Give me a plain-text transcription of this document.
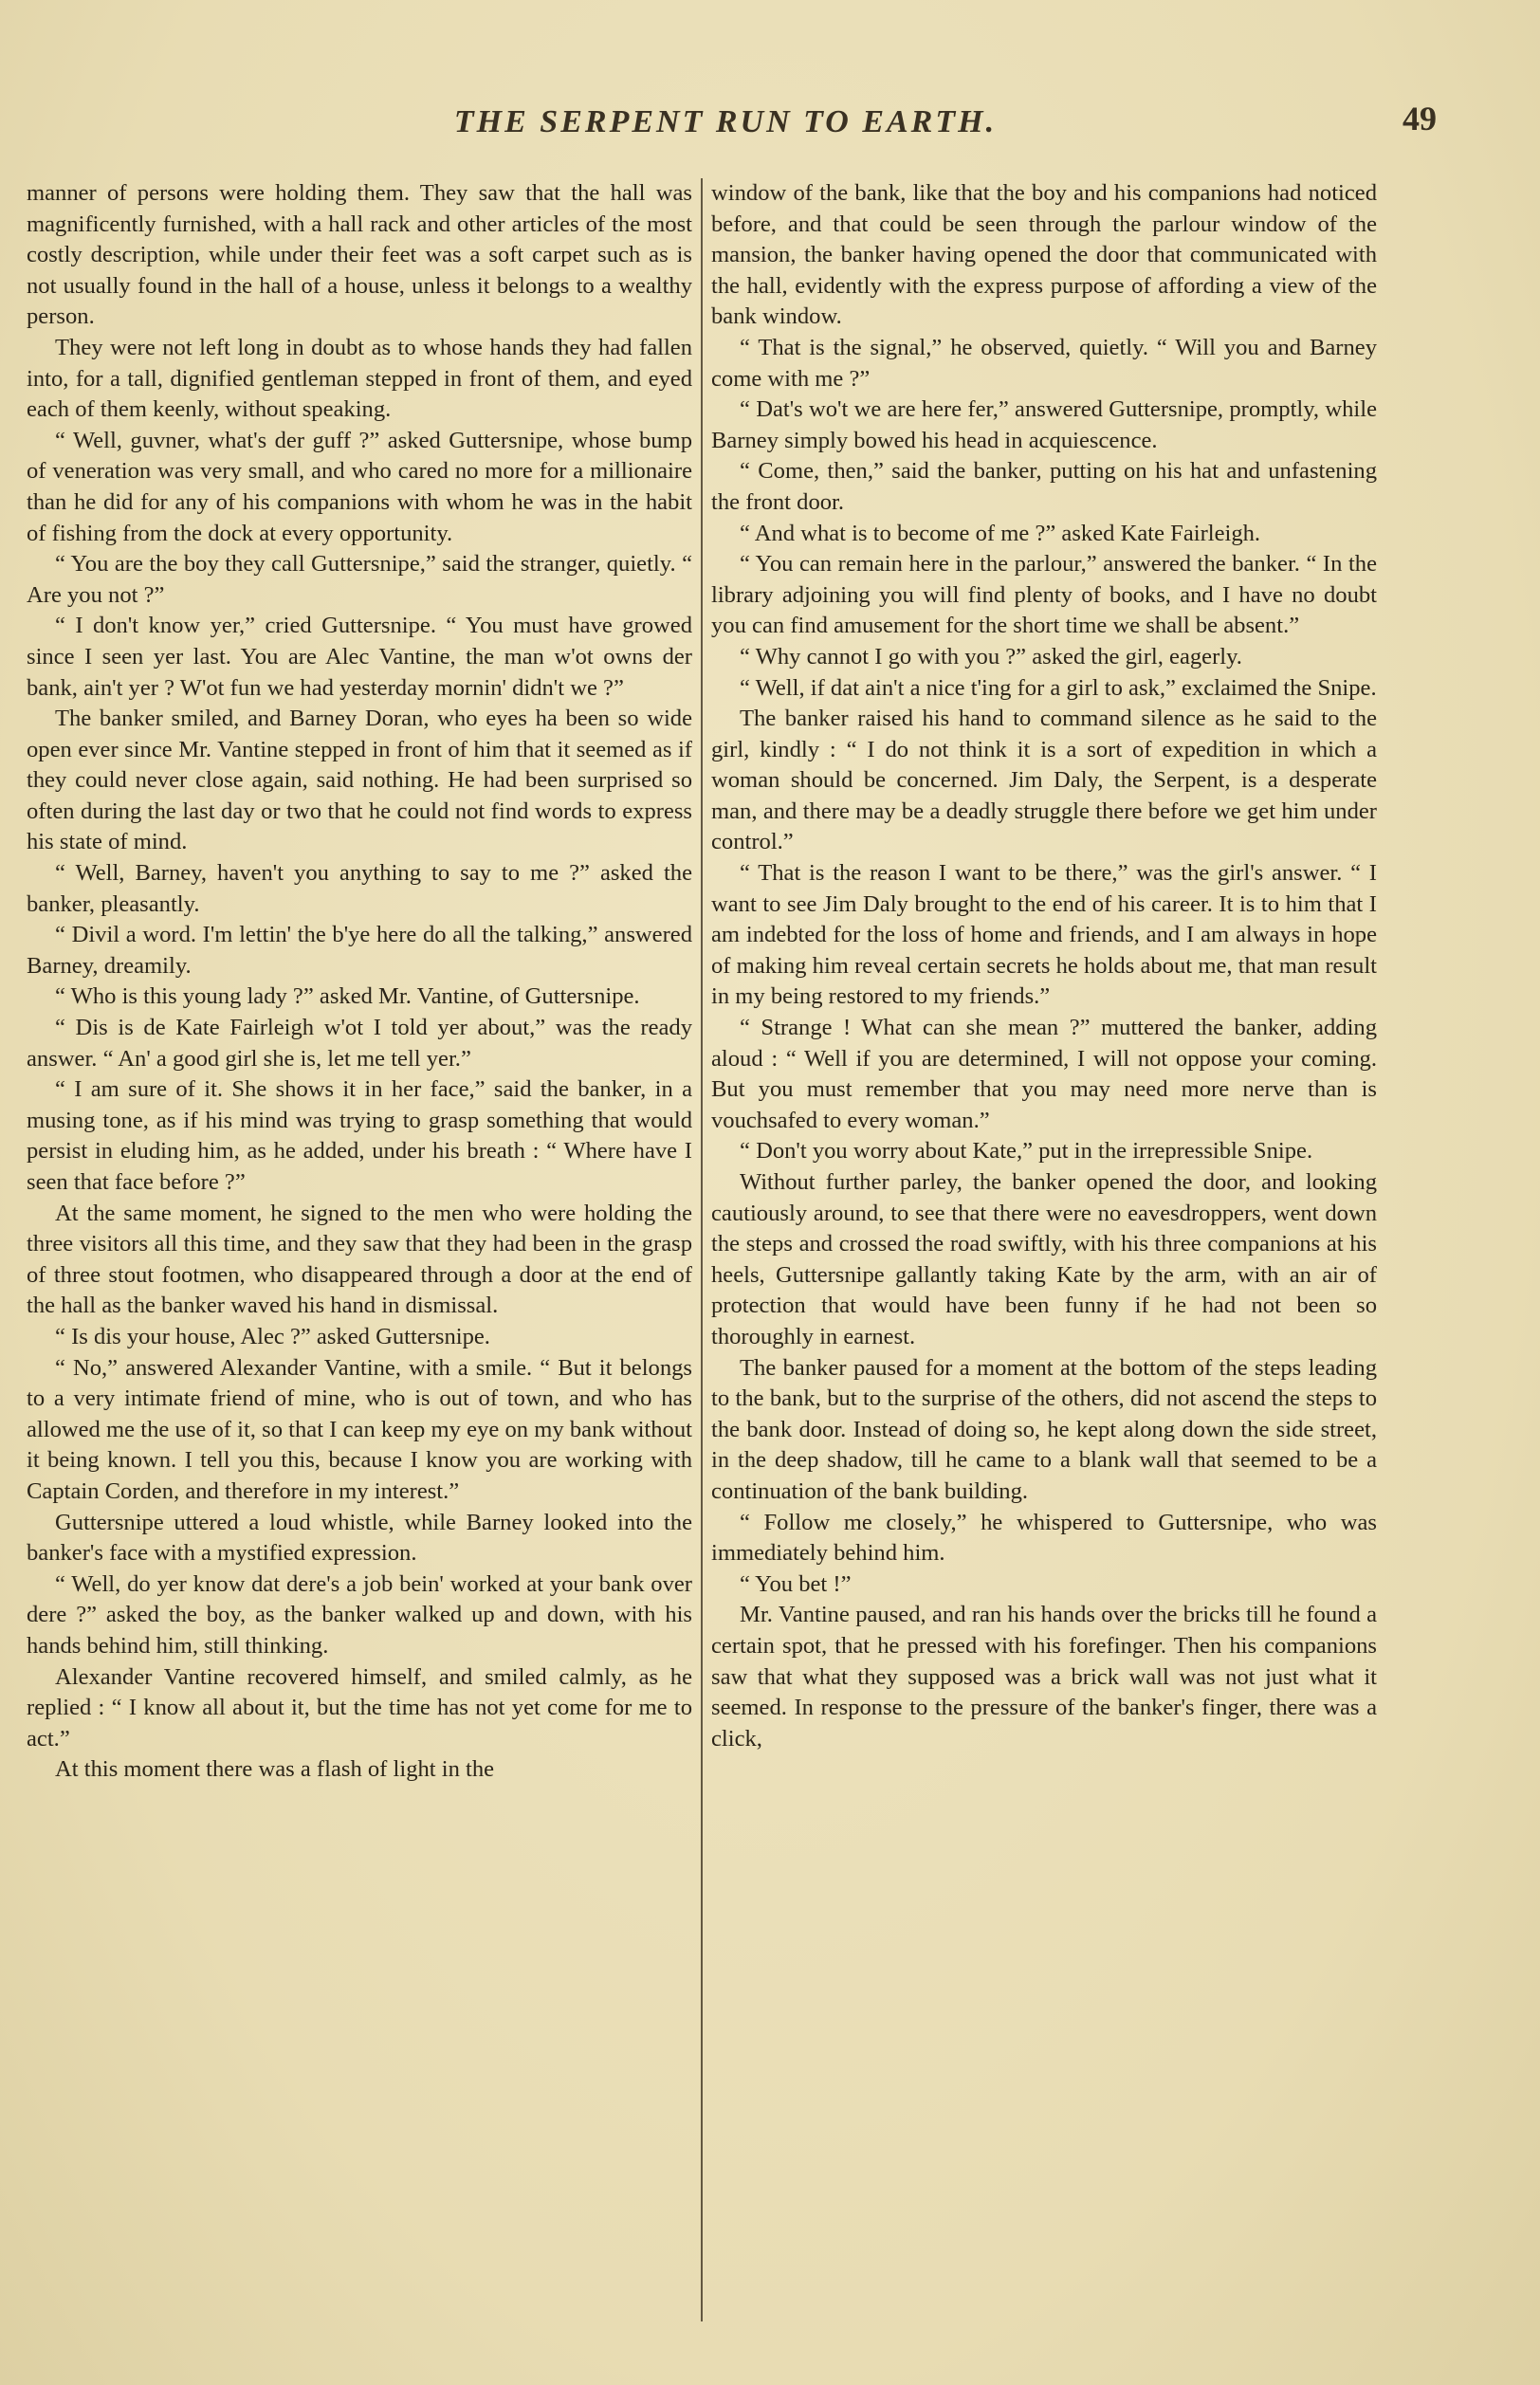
THE SERPENT RUN TO EARTH.	49

manner of persons were holding them. They saw that the hall was magnificently furnished, with a hall rack and other articles of the most costly description, while under their feet was a soft carpet such as is not usually found in the hall of a house, unless it belongs to a wealthy person.

They were not left long in doubt as to whose hands they had fallen into, for a tall, dignified gentleman stepped in front of them, and eyed each of them keenly, without speaking.

“ Well, guvner, what's der guff ?” asked Guttersnipe, whose bump of veneration was very small, and who cared no more for a millionaire than he did for any of his companions with whom he was in the habit of fishing from the dock at every opportunity.

“ You are the boy they call Guttersnipe,” said the stranger, quietly. “ Are you not ?”

“ I don't know yer,” cried Guttersnipe. “ You must have growed since I seen yer last. You are Alec Vantine, the man w'ot owns der bank, ain't yer ? W'ot fun we had yesterday mornin' didn't we ?”

The banker smiled, and Barney Doran, who eyes ha been so wide open ever since Mr. Vantine stepped in front of him that it seemed as if they could never close again, said nothing. He had been surprised so often during the last day or two that he could not find words to express his state of mind.

“ Well, Barney, haven't you anything to say to me ?” asked the banker, pleasantly.

“ Divil a word. I'm lettin' the b'ye here do all the talking,” answered Barney, dreamily.

“ Who is this young lady ?” asked Mr. Vantine, of Guttersnipe.

“ Dis is de Kate Fairleigh w'ot I told yer about,” was the ready answer. “ An' a good girl she is, let me tell yer.”

“ I am sure of it. She shows it in her face,” said the banker, in a musing tone, as if his mind was trying to grasp something that would persist in eluding him, as he added, under his breath : “ Where have I seen that face before ?”

At the same moment, he signed to the men who were holding the three visitors all this time, and they saw that they had been in the grasp of three stout footmen, who disappeared through a door at the end of the hall as the banker waved his hand in dismissal.

“ Is dis your house, Alec ?” asked Guttersnipe.

“ No,” answered Alexander Vantine, with a smile. “ But it belongs to a very intimate friend of mine, who is out of town, and who has allowed me the use of it, so that I can keep my eye on my bank without it being known. I tell you this, because I know you are working with Captain Corden, and therefore in my interest.”

Guttersnipe uttered a loud whistle, while Barney looked into the banker's face with a mystified expression.

“ Well, do yer know dat dere's a job bein' worked at your bank over dere ?” asked the boy, as the banker walked up and down, with his hands behind him, still thinking.

Alexander Vantine recovered himself, and smiled calmly, as he replied : “ I know all about it, but the time has not yet come for me to act.”

At this moment there was a flash of light in the

window of the bank, like that the boy and his companions had noticed before, and that could be seen through the parlour window of the mansion, the banker having opened the door that communicated with the hall, evidently with the express purpose of affording a view of the bank window.

“ That is the signal,” he observed, quietly. “ Will you and Barney come with me ?”

“ Dat's wo't we are here fer,” answered Guttersnipe, promptly, while Barney simply bowed his head in acquiescence.

“ Come, then,” said the banker, putting on his hat and unfastening the front door.

“ And what is to become of me ?” asked Kate Fairleigh.

“ You can remain here in the parlour,” answered the banker. “ In the library adjoining you will find plenty of books, and I have no doubt you can find amusement for the short time we shall be absent.”

“ Why cannot I go with you ?” asked the girl, eagerly.

“ Well, if dat ain't a nice t'ing for a girl to ask,” exclaimed the Snipe.

The banker raised his hand to command silence as he said to the girl, kindly : “ I do not think it is a sort of expedition in which a woman should be concerned. Jim Daly, the Serpent, is a desperate man, and there may be a deadly struggle there before we get him under control.”

“ That is the reason I want to be there,” was the girl's answer. “ I want to see Jim Daly brought to the end of his career. It is to him that I am indebted for the loss of home and friends, and I am always in hope of making him reveal certain secrets he holds about me, that man result in my being restored to my friends.”

“ Strange ! What can she mean ?” muttered the banker, adding aloud : “ Well if you are determined, I will not oppose your coming. But you must remember that you may need more nerve than is vouchsafed to every woman.”

“ Don't you worry about Kate,” put in the irrepressible Snipe.

Without further parley, the banker opened the door, and looking cautiously around, to see that there were no eavesdroppers, went down the steps and crossed the road swiftly, with his three companions at his heels, Guttersnipe gallantly taking Kate by the arm, with an air of protection that would have been funny if he had not been so thoroughly in earnest.

The banker paused for a moment at the bottom of the steps leading to the bank, but to the surprise of the others, did not ascend the steps to the bank door. Instead of doing so, he kept along down the side street, in the deep shadow, till he came to a blank wall that seemed to be a continuation of the bank building.

“ Follow me closely,” he whispered to Guttersnipe, who was immediately behind him.

“ You bet !”

Mr. Vantine paused, and ran his hands over the bricks till he found a certain spot, that he pressed with his forefinger. Then his companions saw that what they supposed was a brick wall was not just what it seemed. In response to the pressure of the banker's finger, there was a click,
